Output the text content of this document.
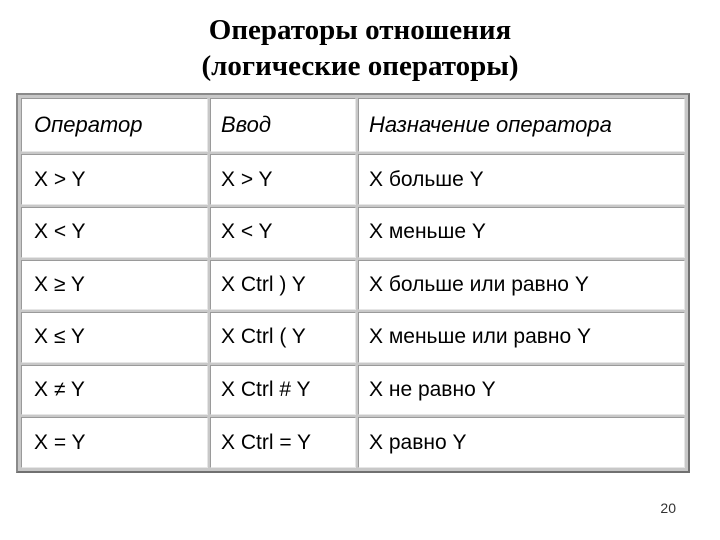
Операторы отношения
(логические операторы)
Оператор	Ввод	Назначение оператора
X > Y	X > Y	X больше Y
X < Y	X < Y	X меньше Y
X ≥ Y	X Ctrl ) Y	X больше или равно Y
X ≤ Y	X Ctrl ( Y	X меньше или равно Y
X ≠ Y	X Ctrl # Y	X не равно Y
X = Y	X Ctrl = Y	X равно Y
20
